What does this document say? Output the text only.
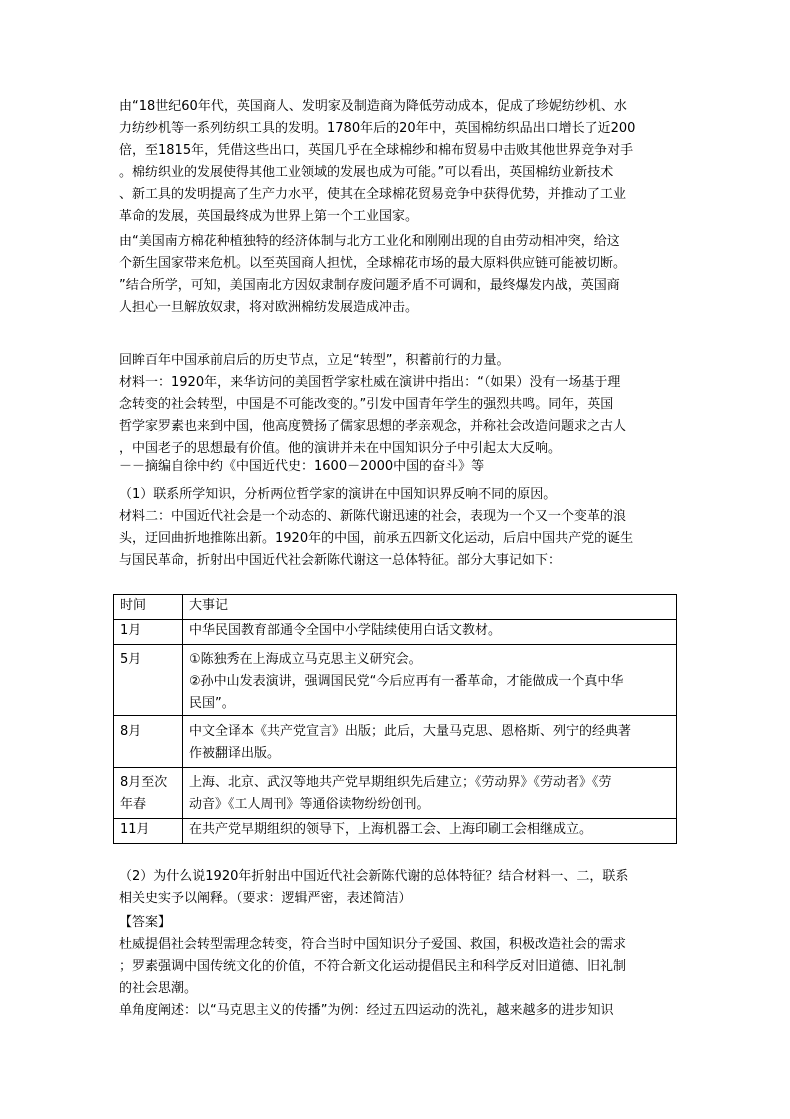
由“18世纪60年代，英国商人、发明家及制造商为降低劳动成本，促成了珍妮纺纱机、水
力纺纱机等一系列纺织工具的发明。1780年后的20年中，英国棉纺织品出口增长了近200
倍，至1815年，凭借这些出口，英国几乎在全球棉纱和棉布贸易中击败其他世界竞争对手
。棉纺织业的发展使得其他工业领域的发展也成为可能。”可以看出，英国棉纺业新技术
、新工具的发明提高了生产力水平，使其在全球棉花贸易竞争中获得优势，并推动了工业
革命的发展，英国最终成为世界上第一个工业国家。
由“美国南方棉花种植独特的经济体制与北方工业化和刚刚出现的自由劳动相冲突，给这
个新生国家带来危机。以至英国商人担忧，全球棉花市场的最大原料供应链可能被切断。
”结合所学，可知，美国南北方因奴隶制存废问题矛盾不可调和，最终爆发内战，英国商
人担心一旦解放奴隶，将对欧洲棉纺发展造成冲击。
回眸百年中国承前启后的历史节点，立足“转型”，积蓄前行的力量。
材料一：1920年，来华访问的美国哲学家杜威在演讲中指出：“（如果）没有一场基于理
念转变的社会转型，中国是不可能改变的。”引发中国青年学生的强烈共鸣。同年，英国
哲学家罗素也来到中国，他高度赞扬了儒家思想的孝亲观念，并称社会改造问题求之古人
，中国老子的思想最有价值。他的演讲并未在中国知识分子中引起太大反响。
－－摘编自徐中约《中国近代史：1600－2000中国的奋斗》等
（1）联系所学知识，分析两位哲学家的演讲在中国知识界反响不同的原因。
材料二：中国近代社会是一个动态的、新陈代谢迅速的社会，表现为一个又一个变革的浪
头，迂回曲折地推陈出新。1920年的中国，前承五四新文化运动，后启中国共产党的诞生
与国民革命，折射出中国近代社会新陈代谢这一总体特征。部分大事记如下：
时间	大事记

1月	中华民国教育部通令全国中小学陆续使用白话文教材。

5月	①陈独秀在上海成立马克思主义研究会。
②孙中山发表演讲，强调国民党“今后应再有一番革命，才能做成一个真中华
民国”。

8月	中文全译本《共产党宣言》出版；此后，大量马克思、恩格斯、列宁的经典著
作被翻译出版。

8月至次
年春	上海、北京、武汉等地共产党早期组织先后建立；《劳动界》《劳动者》《劳
动音》《工人周刊》等通俗读物纷纷创刊。

11月	在共产党早期组织的领导下，上海机器工会、上海印刷工会相继成立。
（2）为什么说1920年折射出中国近代社会新陈代谢的总体特征？结合材料一、二，联系
相关史实予以阐释。（要求：逻辑严密，表述简洁）
【答案】
杜威提倡社会转型需理念转变，符合当时中国知识分子爱国、救国，积极改造社会的需求
；罗素强调中国传统文化的价值，不符合新文化运动提倡民主和科学反对旧道德、旧礼制
的社会思潮。
单角度阐述：以“马克思主义的传播”为例：经过五四运动的洗礼，越来越多的进步知识
